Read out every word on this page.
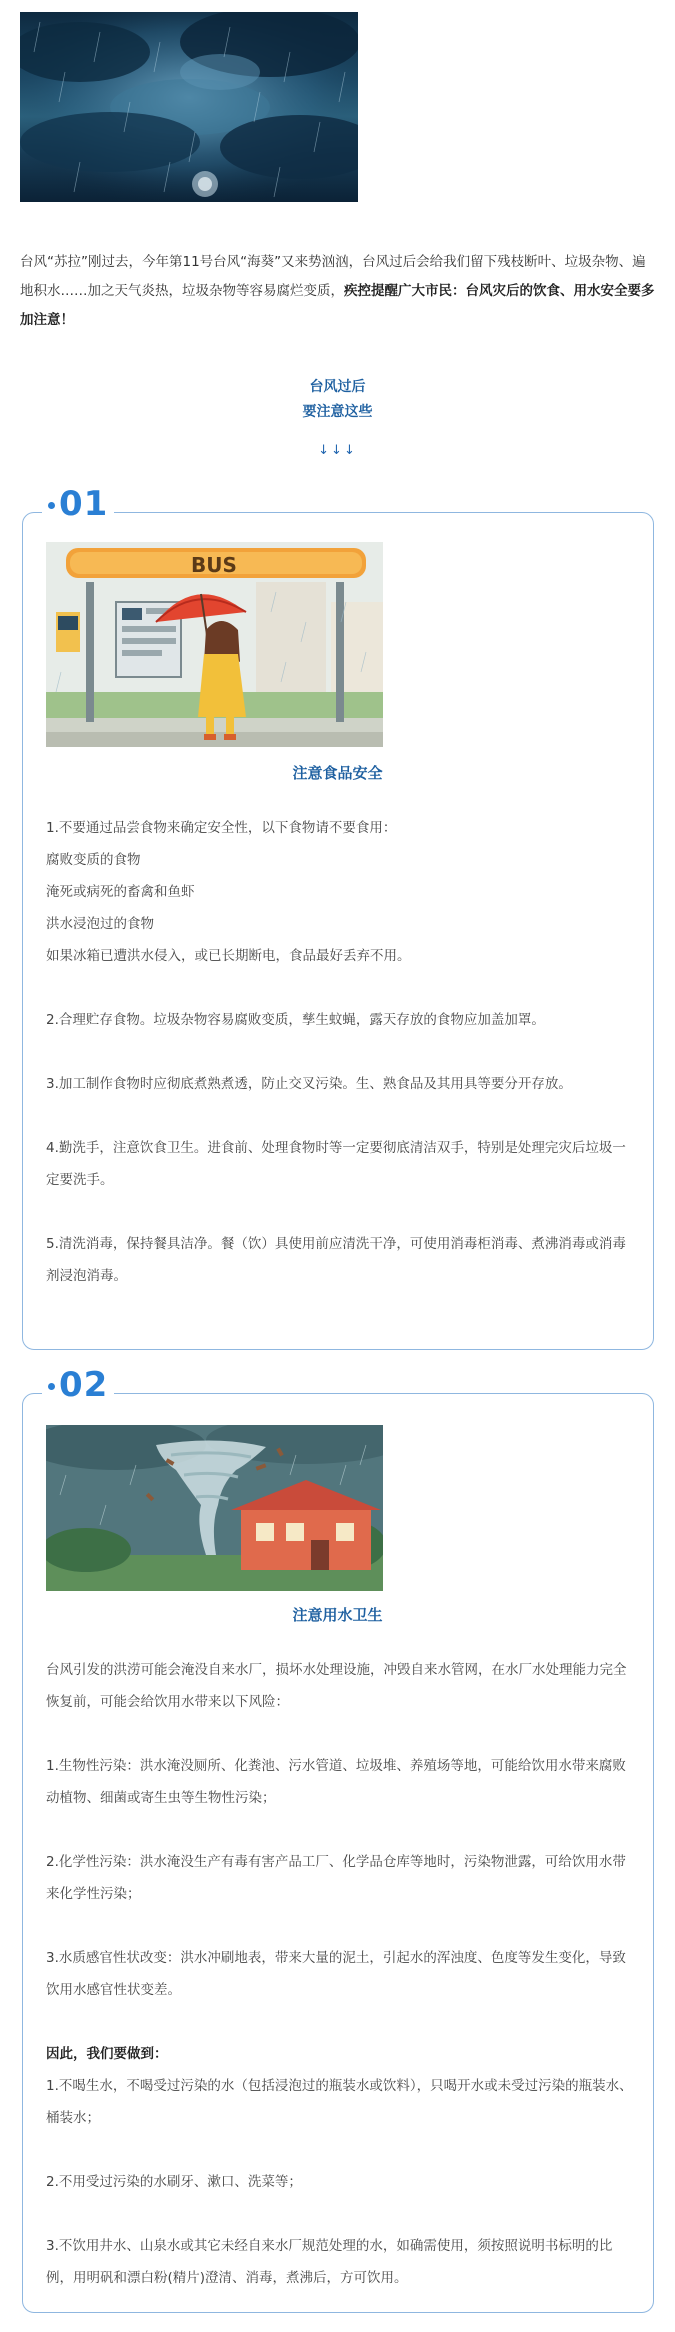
台风“苏拉”刚过去，今年第11号台风“海葵”又来势汹汹，台风过后会给我们留下残枝断叶、垃圾杂物、遍地积水……加之天气炎热，垃圾杂物等容易腐烂变质，疾控提醒广大市民：台风灾后的饮食、用水安全要多加注意！
台风过后
要注意这些
↓↓↓
01
BUS
注意食品安全

1.不要通过品尝食物来确定安全性，以下食物请不要食用：

腐败变质的食物

淹死或病死的畜禽和鱼虾

洪水浸泡过的食物

如果冰箱已遭洪水侵入，或已长期断电，食品最好丢弃不用。

2.合理贮存食物。垃圾杂物容易腐败变质，孳生蚊蝇，露天存放的食物应加盖加罩。

3.加工制作食物时应彻底煮熟煮透，防止交叉污染。生、熟食品及其用具等要分开存放。

4.勤洗手，注意饮食卫生。进食前、处理食物时等一定要彻底清洁双手，特别是处理完灾后垃圾一定要洗手。

5.清洗消毒，保持餐具洁净。餐（饮）具使用前应清洗干净，可使用消毒柜消毒、煮沸消毒或消毒剂浸泡消毒。

02
注意用水卫生

台风引发的洪涝可能会淹没自来水厂，损坏水处理设施，冲毁自来水管网，在水厂水处理能力完全恢复前，可能会给饮用水带来以下风险：

1.生物性污染：洪水淹没厕所、化粪池、污水管道、垃圾堆、养殖场等地，可能给饮用水带来腐败动植物、细菌或寄生虫等生物性污染；

2.化学性污染：洪水淹没生产有毒有害产品工厂、化学品仓库等地时，污染物泄露，可给饮用水带来化学性污染；

3.水质感官性状改变：洪水冲刷地表，带来大量的泥土，引起水的浑浊度、色度等发生变化，导致饮用水感官性状变差。

因此，我们要做到：

1.不喝生水，不喝受过污染的水（包括浸泡过的瓶装水或饮料），只喝开水或未受过污染的瓶装水、桶装水；

2.不用受过污染的水刷牙、漱口、洗菜等；

3.不饮用井水、山泉水或其它未经自来水厂规范处理的水，如确需使用，须按照说明书标明的比例，用明矾和漂白粉(精片)澄清、消毒，煮沸后，方可饮用。
